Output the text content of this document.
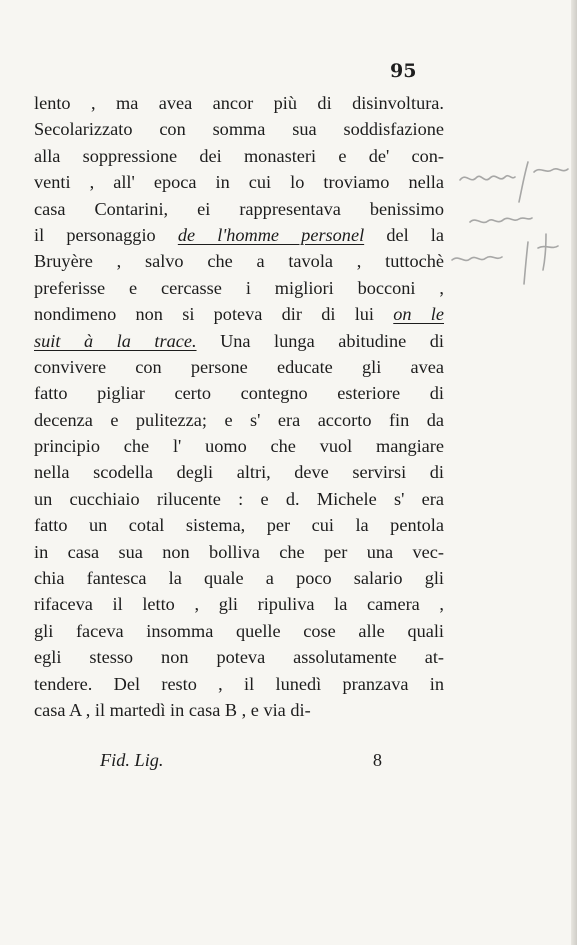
95
lento , ma avea ancor più di disinvoltura.
Secolarizzato con somma sua soddisfazione
alla soppressione dei monasteri e de' con-
venti , all' epoca in cui lo troviamo nella
casa Contarini, ei rappresentava benissimo
il personaggio de l'homme personel del la
Bruyère , salvo che a tavola , tuttochè
preferisse e cercasse i migliori bocconi ,
nondimeno non si poteva dir di lui on le
suit à la trace. Una lunga abitudine di
convivere con persone educate gli avea
fatto pigliar certo contegno esteriore di
decenza e pulitezza; e s' era accorto fin da
principio che l' uomo che vuol mangiare
nella scodella degli altri, deve servirsi di
un cucchiaio rilucente : e d. Michele s' era
fatto un cotal sistema, per cui la pentola
in casa sua non bolliva che per una vec-
chia fantesca la quale a poco salario gli
rifaceva il letto , gli ripuliva la camera ,
gli faceva insomma quelle cose alle quali
egli stesso non poteva assolutamente at-
tendere. Del resto , il lunedì pranzava in
casa A , il martedì in casa B , e via di-
Fid. Lig.	8
